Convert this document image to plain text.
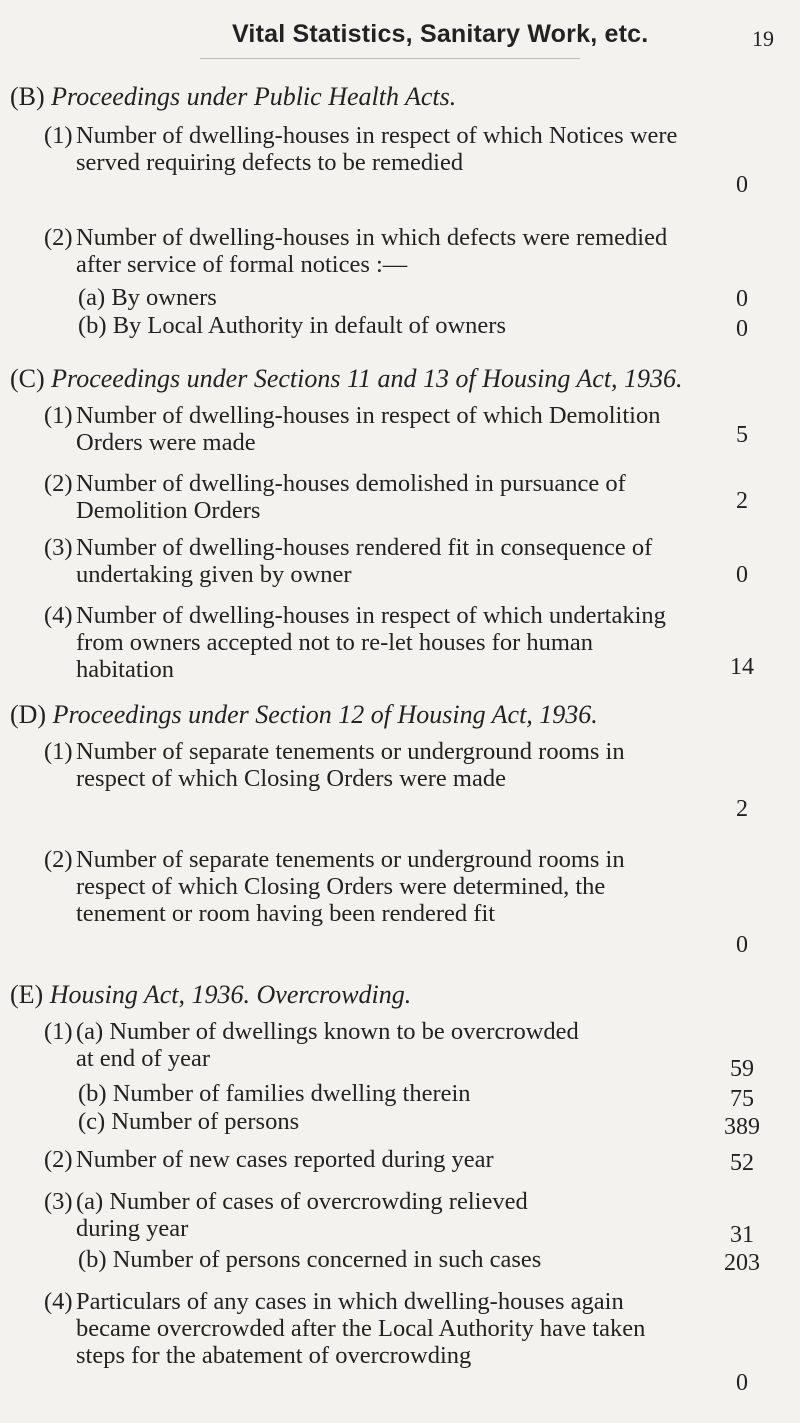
Vital Statistics, Sanitary Work, etc.	19
(B) Proceedings under Public Health Acts.
(1) Number of dwelling-houses in respect of which Notices were served requiring defects to be remedied
0
(2) Number of dwelling-houses in which defects were remedied after service of formal notices :—
(a) By owners	0
(b) By Local Authority in default of owners	0
(C) Proceedings under Sections 11 and 13 of Housing Act, 1936.
(1) Number of dwelling-houses in respect of which Demolition Orders were made	5
(2) Number of dwelling-houses demolished in pursuance of Demolition Orders	2
(3) Number of dwelling-houses rendered fit in consequence of undertaking given by owner	0
(4) Number of dwelling-houses in respect of which undertaking from owners accepted not to re-let houses for human habitation	14
(D) Proceedings under Section 12 of Housing Act, 1936.
(1) Number of separate tenements or underground rooms in respect of which Closing Orders were made
2
(2) Number of separate tenements or underground rooms in respect of which Closing Orders were determined, the tenement or room having been rendered fit
0
(E) Housing Act, 1936. Overcrowding.
(1) (a) Number of dwellings known to be overcrowded at end of year	59
(b) Number of families dwelling therein	75
(c) Number of persons	389
(2) Number of new cases reported during year	52
(3) (a) Number of cases of overcrowding relieved during year	31
(b) Number of persons concerned in such cases	203
(4) Particulars of any cases in which dwelling-houses again became overcrowded after the Local Authority have taken steps for the abatement of overcrowding
0
